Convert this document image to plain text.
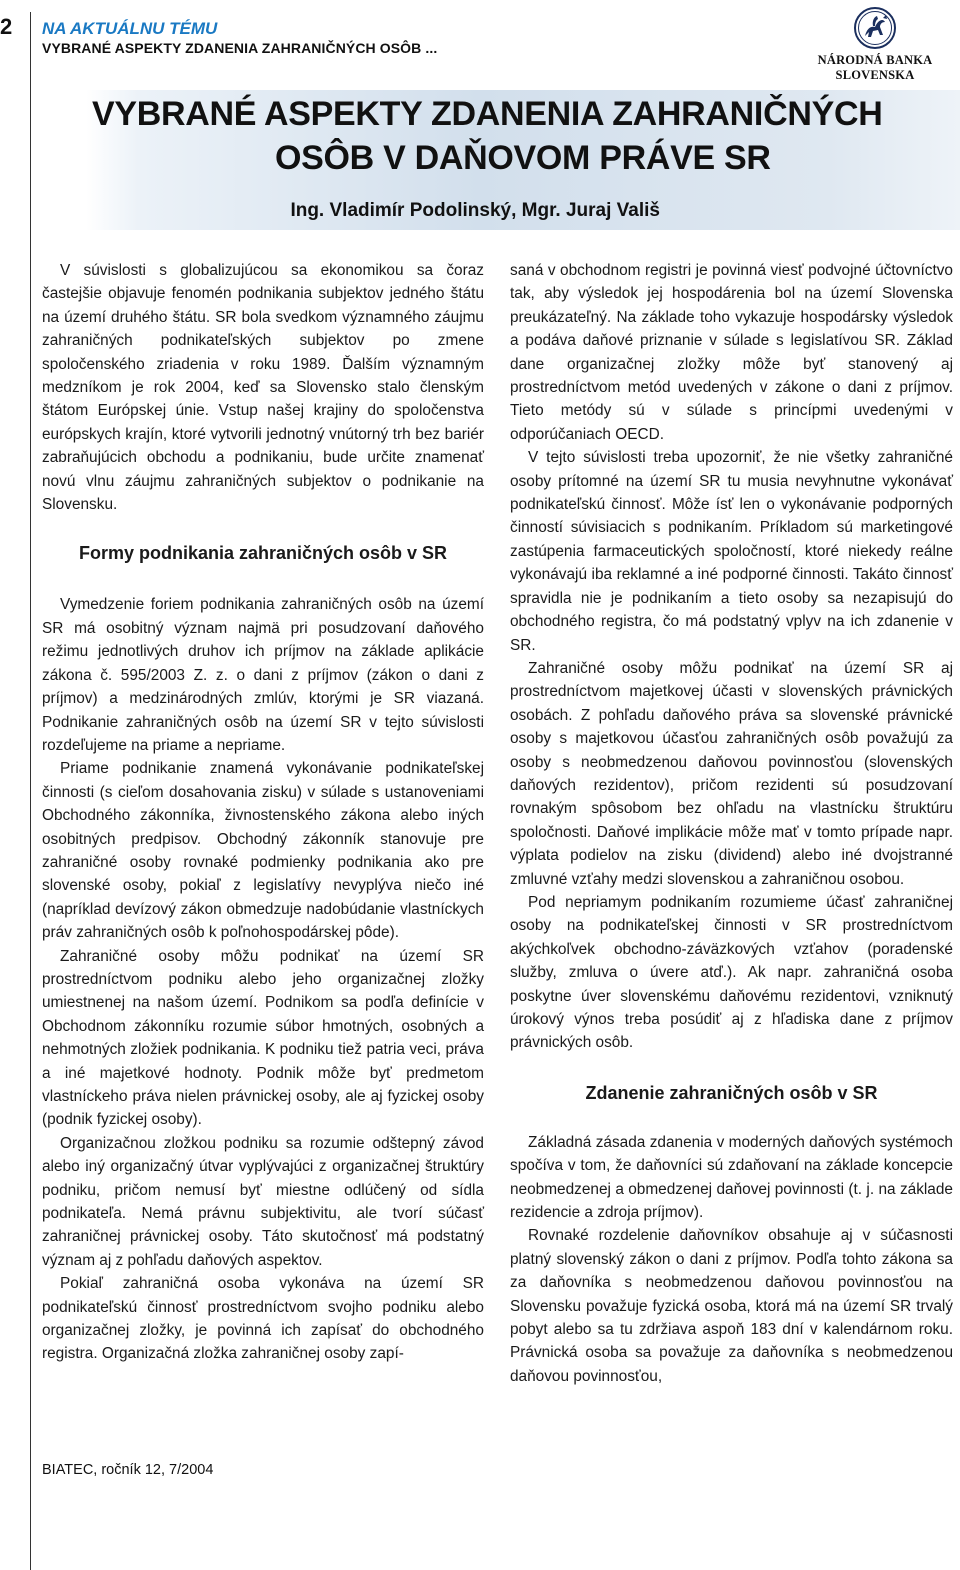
2 NA AKTUÁLNU TÉMU
VYBRANÉ ASPEKTY ZDANENIA ZAHRANIČNÝCH OSÔB ...
NÁRODNÁ BANKA SLOVENSKA
VYBRANÉ ASPEKTY ZDANENIA ZAHRANIČNÝCH
OSÔB V DAŇOVOM PRÁVE SR
Ing. Vladimír Podolinský, Mgr. Juraj Vališ

V súvislosti s globalizujúcou sa ekonomikou sa čoraz častejšie objavuje fenomén podnikania subjektov jedného štátu na území druhého štátu. SR bola svedkom významného záujmu zahraničných podnikateľských subjektov po zmene spoločenského zriadenia v roku 1989. Ďalším významným medzníkom je rok 2004, keď sa Slovensko stalo členským štátom Európskej únie. Vstup našej krajiny do spoločenstva európskych krajín, ktoré vytvorili jednotný vnútorný trh bez bariér zabraňujúcich obchodu a podnikaniu, bude určite znamenať novú vlnu záujmu zahraničných subjektov o podnikanie na Slovensku.

Formy podnikania zahraničných osôb v SR

Vymedzenie foriem podnikania zahraničných osôb na území SR má osobitný význam najmä pri posudzovaní daňového režimu jednotlivých druhov ich príjmov na základe aplikácie zákona č. 595/2003 Z. z. o dani z príjmov (zákon o dani z príjmov) a medzinárodných zmlúv, ktorými je SR viazaná. Podnikanie zahraničných osôb na území SR v tejto súvislosti rozdeľujeme na priame a nepriame.

Priame podnikanie znamená vykonávanie podnikateľskej činnosti (s cieľom dosahovania zisku) v súlade s ustanoveniami Obchodného zákonníka, živnostenského zákona alebo iných osobitných predpisov. Obchodný zákonník stanovuje pre zahraničné osoby rovnaké podmienky podnikania ako pre slovenské osoby, pokiaľ z legislatívy nevyplýva niečo iné (napríklad devízový zákon obmedzuje nadobúdanie vlastníckych práv zahraničných osôb k poľnohospodárskej pôde).

Zahraničné osoby môžu podnikať na území SR prostredníctvom podniku alebo jeho organizačnej zložky umiestnenej na našom území. Podnikom sa podľa definície v Obchodnom zákonníku rozumie súbor hmotných, osobných a nehmotných zložiek podnikania. K podniku tiež patria veci, práva a iné majetkové hodnoty. Podnik môže byť predmetom vlastníckeho práva nielen právnickej osoby, ale aj fyzickej osoby (podnik fyzickej osoby).

Organizačnou zložkou podniku sa rozumie odštepný závod alebo iný organizačný útvar vyplývajúci z organizačnej štruktúry podniku, pričom nemusí byť miestne odlúčený od sídla podnikateľa. Nemá právnu subjektivitu, ale tvorí súčasť zahraničnej právnickej osoby. Táto skutočnosť má podstatný význam aj z pohľadu daňových aspektov.

Pokiaľ zahraničná osoba vykonáva na území SR podnikateľskú činnosť prostredníctvom svojho podniku alebo organizačnej zložky, je povinná ich zapísať do obchodného registra. Organizačná zložka zahraničnej osoby zapí-

saná v obchodnom registri je povinná viesť podvojné účtovníctvo tak, aby výsledok jej hospodárenia bol na území Slovenska preukázateľný. Na základe toho vykazuje hospodársky výsledok a podáva daňové priznanie v súlade s legislatívou SR. Základ dane organizačnej zložky môže byť stanovený aj prostredníctvom metód uvedených v zákone o dani z príjmov. Tieto metódy sú v súlade s princípmi uvedenými v odporúčaniach OECD.

V tejto súvislosti treba upozorniť, že nie všetky zahraničné osoby prítomné na území SR tu musia nevyhnutne vykonávať podnikateľskú činnosť. Môže ísť len o vykonávanie podporných činností súvisiacich s podnikaním. Príkladom sú marketingové zastúpenia farmaceutických spoločností, ktoré niekedy reálne vykonávajú iba reklamné a iné podporné činnosti. Takáto činnosť spravidla nie je podnikaním a tieto osoby sa nezapisujú do obchodného registra, čo má podstatný vplyv na ich zdanenie v SR.

Zahraničné osoby môžu podnikať na území SR aj prostredníctvom majetkovej účasti v slovenských právnických osobách. Z pohľadu daňového práva sa slovenské právnické osoby s majetkovou účasťou zahraničných osôb považujú za osoby s neobmedzenou daňovou povinnosťou (slovenských daňových rezidentov), pričom rezidenti sú posudzovaní rovnakým spôsobom bez ohľadu na vlastnícku štruktúru spoločnosti. Daňové implikácie môže mať v tomto prípade napr. výplata podielov na zisku (dividend) alebo iné dvojstranné zmluvné vzťahy medzi slovenskou a zahraničnou osobou.

Pod nepriamym podnikaním rozumieme účasť zahraničnej osoby na podnikateľskej činnosti v SR prostredníctvom akýchkoľvek obchodno-záväzkových vzťahov (poradenské služby, zmluva o úvere atď.). Ak napr. zahraničná osoba poskytne úver slovenskému daňovému rezidentovi, vzniknutý úrokový výnos treba posúdiť aj z hľadiska dane z príjmov právnických osôb.

Zdanenie zahraničných osôb v SR

Základná zásada zdanenia v moderných daňových systémoch spočíva v tom, že daňovníci sú zdaňovaní na základe koncepcie neobmedzenej a obmedzenej daňovej povinnosti (t. j. na základe rezidencie a zdroja príjmov).

Rovnaké rozdelenie daňovníkov obsahuje aj v súčasnosti platný slovenský zákon o dani z príjmov. Podľa tohto zákona sa za daňovníka s neobmedzenou daňovou povinnosťou na Slovensku považuje fyzická osoba, ktorá má na území SR trvalý pobyt alebo sa tu zdržiava aspoň 183 dní v kalendárnom roku. Právnická osoba sa považuje za daňovníka s neobmedzenou daňovou povinnosťou,

BIATEC, ročník 12, 7/2004
